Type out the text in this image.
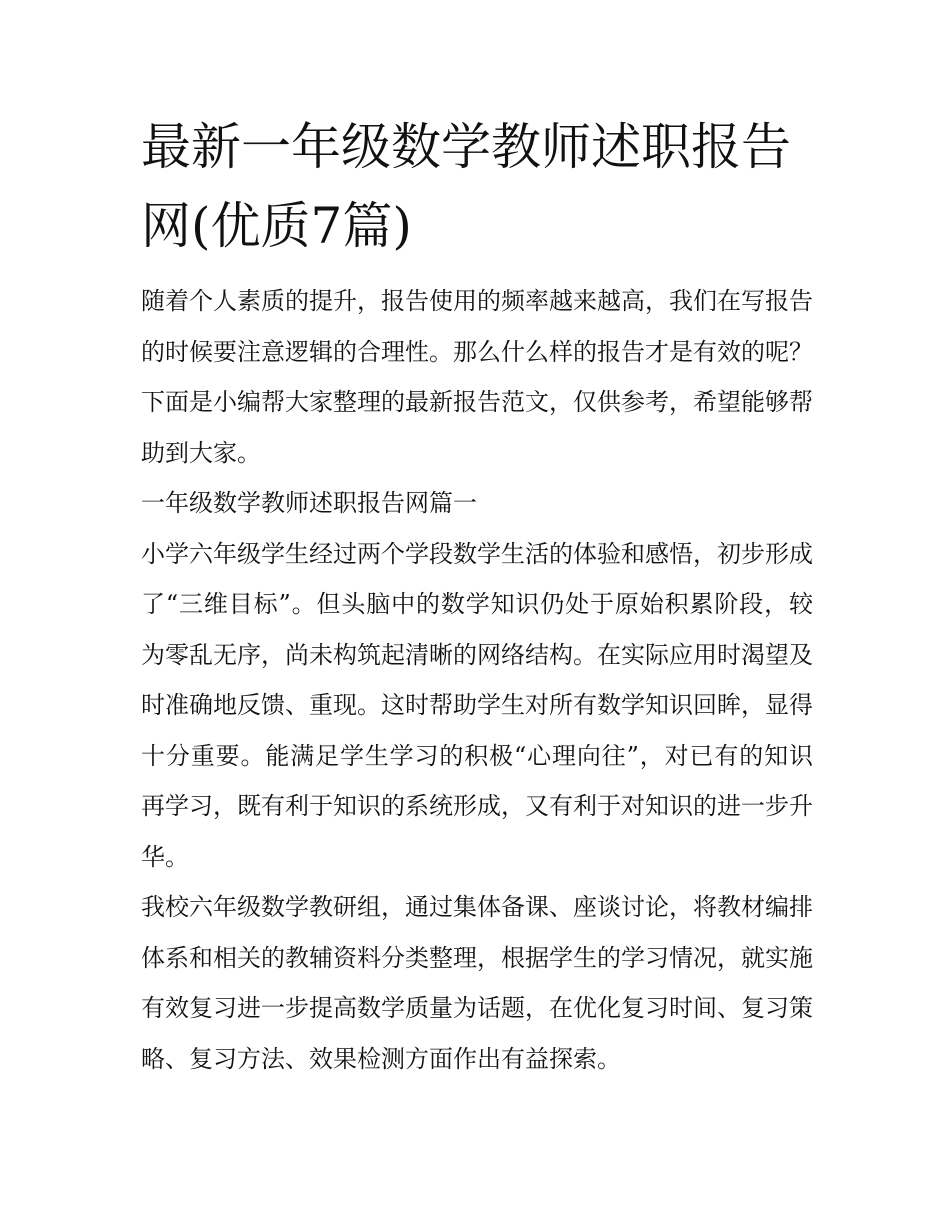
最新一年级数学教师述职报告网(优质7篇)

随着个人素质的提升，报告使用的频率越来越高，我们在写报告的时候要注意逻辑的合理性。那么什么样的报告才是有效的呢？下面是小编帮大家整理的最新报告范文，仅供参考，希望能够帮助到大家。

一年级数学教师述职报告网篇一

小学六年级学生经过两个学段数学生活的体验和感悟，初步形成了“三维目标”。但头脑中的数学知识仍处于原始积累阶段，较为零乱无序，尚未构筑起清晰的网络结构。在实际应用时渴望及时准确地反馈、重现。这时帮助学生对所有数学知识回眸，显得十分重要。能满足学生学习的积极“心理向往”，对已有的知识再学习，既有利于知识的系统形成，又有利于对知识的进一步升华。

我校六年级数学教研组，通过集体备课、座谈讨论，将教材编排体系和相关的教辅资料分类整理，根据学生的学习情况，就实施有效复习进一步提高数学质量为话题，在优化复习时间、复习策略、复习方法、效果检测方面作出有益探索。
